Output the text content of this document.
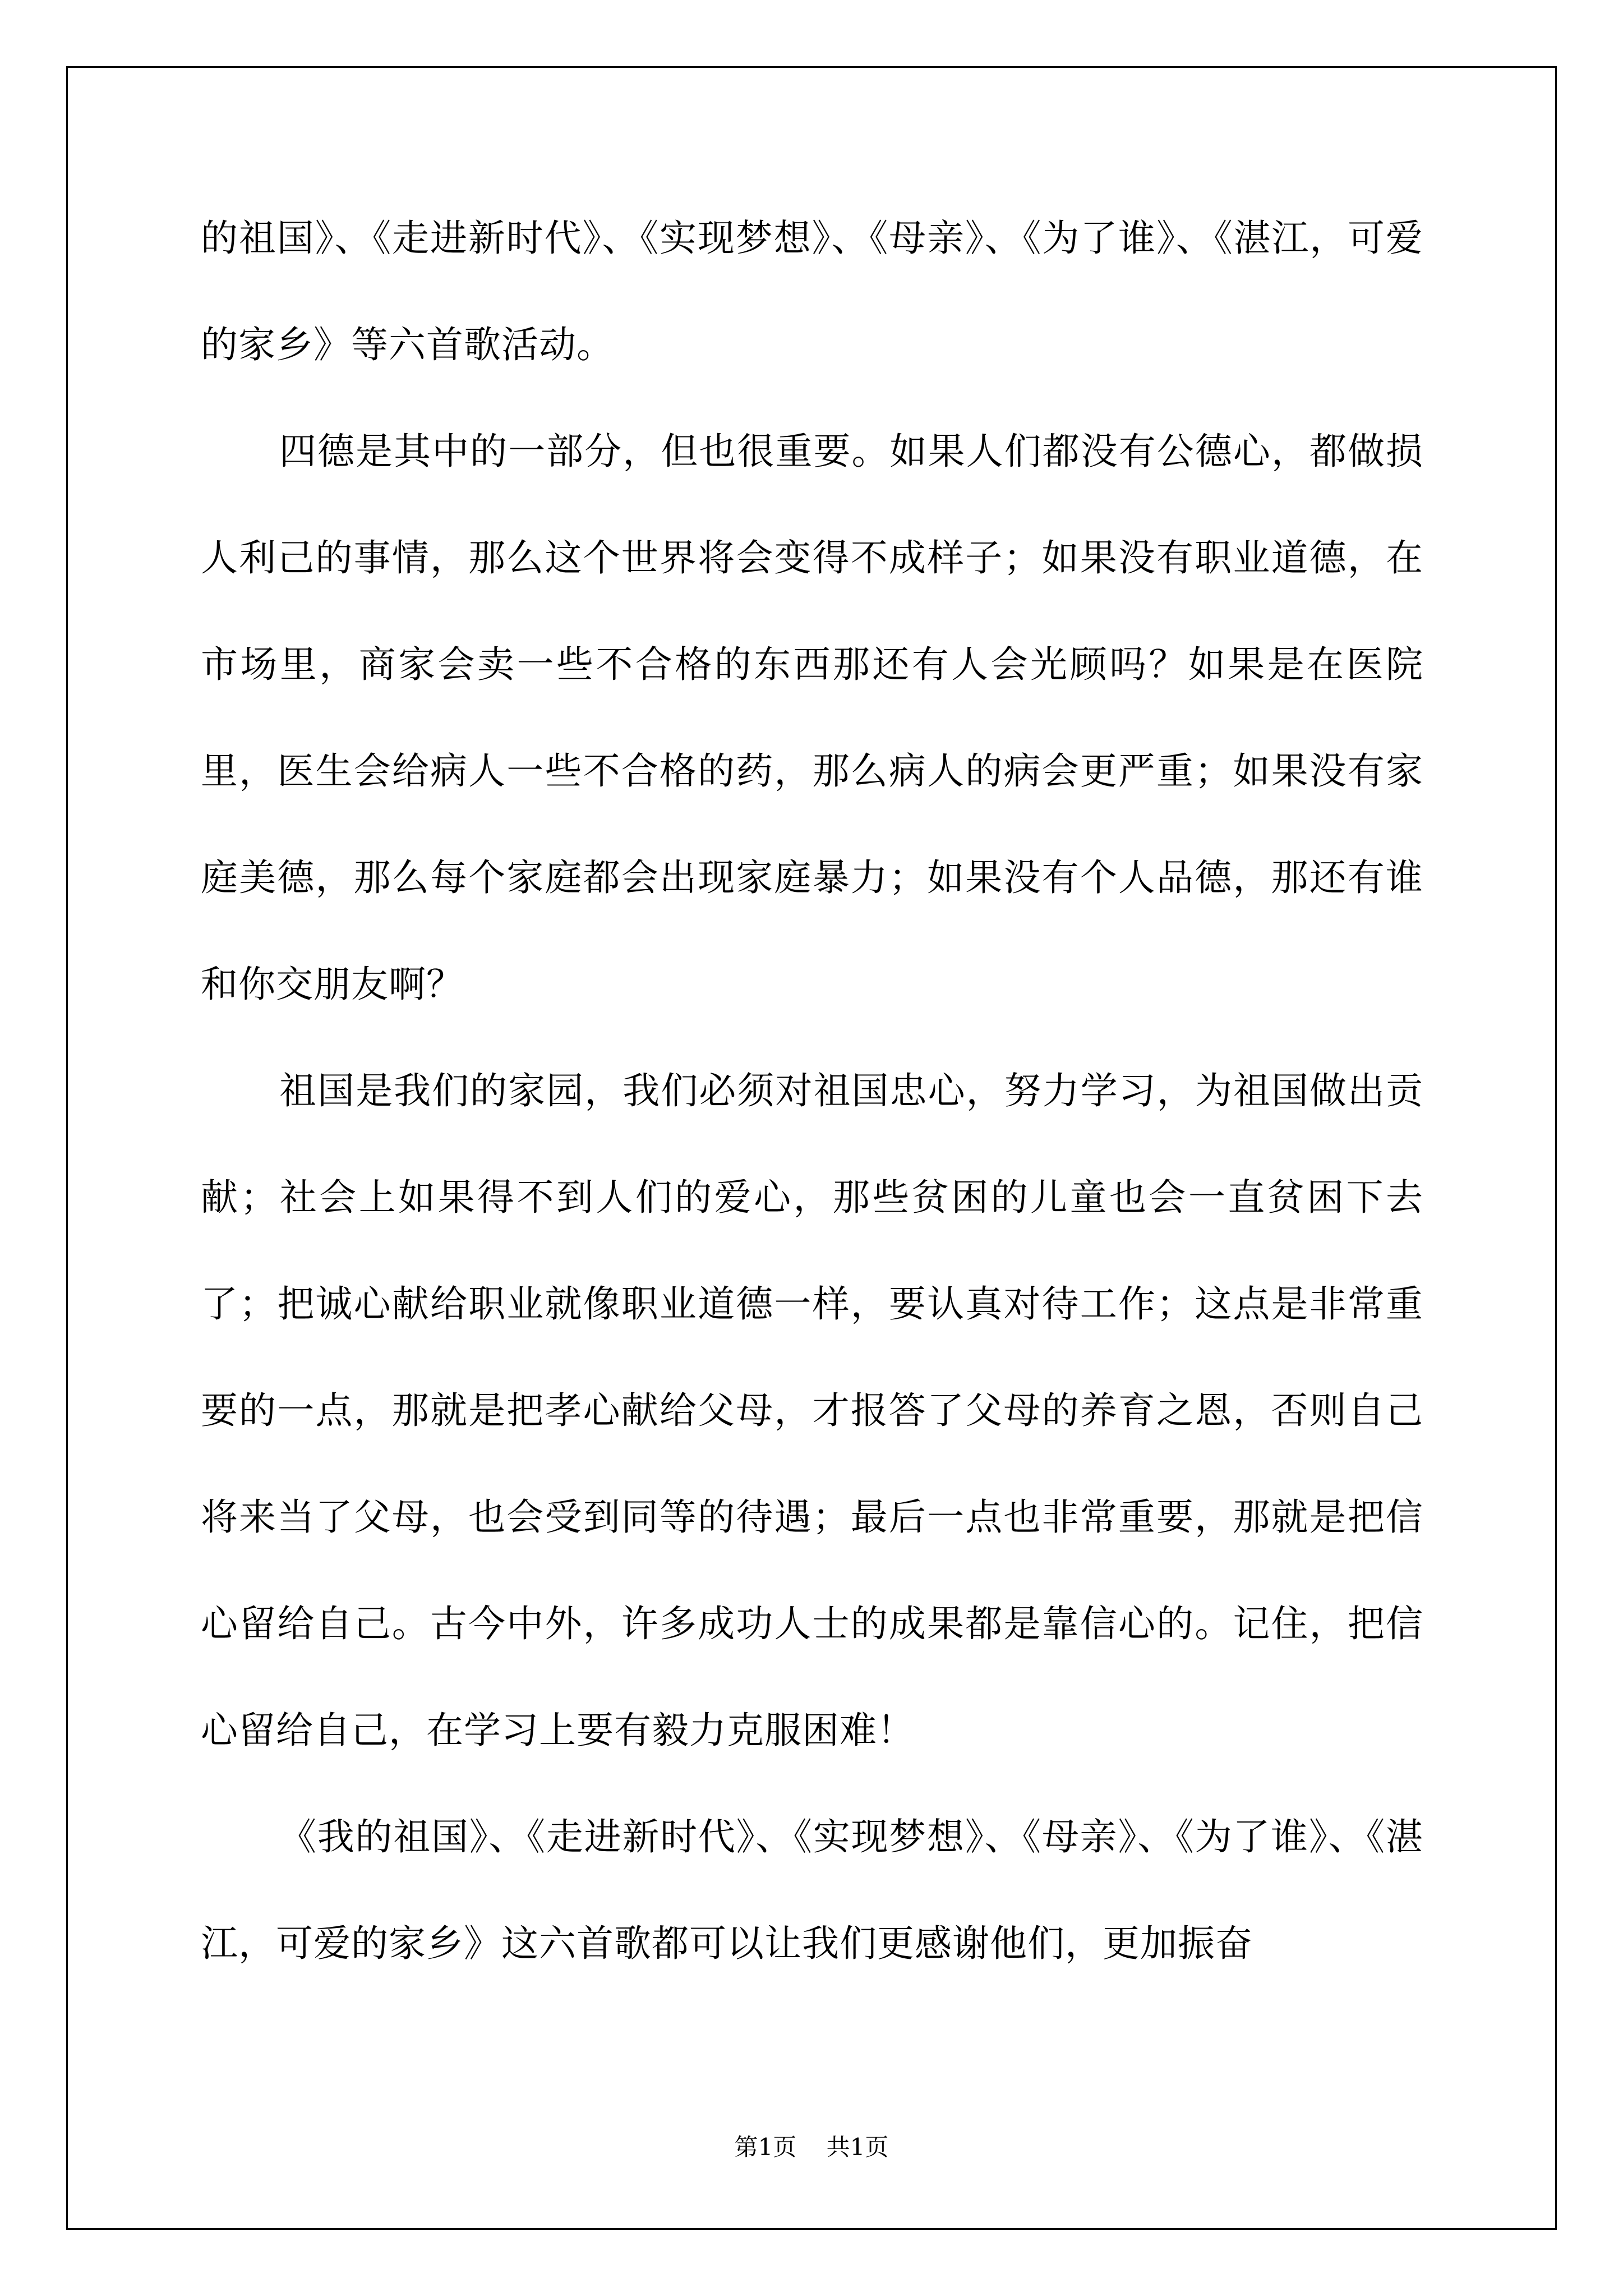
的祖国》、《走进新时代》、《实现梦想》、《母亲》、《为了谁》、《湛江，可爱的家乡》等六首歌活动。

四德是其中的一部分，但也很重要。如果人们都没有公德心，都做损人利己的事情，那么这个世界将会变得不成样子；如果没有职业道德，在市场里，商家会卖一些不合格的东西那还有人会光顾吗？如果是在医院里，医生会给病人一些不合格的药，那么病人的病会更严重；如果没有家庭美德，那么每个家庭都会出现家庭暴力；如果没有个人品德，那还有谁和你交朋友啊？

祖国是我们的家园，我们必须对祖国忠心，努力学习，为祖国做出贡献；社会上如果得不到人们的爱心，那些贫困的儿童也会一直贫困下去了；把诚心献给职业就像职业道德一样，要认真对待工作；这点是非常重要的一点，那就是把孝心献给父母，才报答了父母的养育之恩，否则自己将来当了父母，也会受到同等的待遇；最后一点也非常重要，那就是把信心留给自己。古今中外，许多成功人士的成果都是靠信心的。记住，把信心留给自己，在学习上要有毅力克服困难！

《我的祖国》、《走进新时代》、《实现梦想》、《母亲》、《为了谁》、《湛江，可爱的家乡》这六首歌都可以让我们更感谢他们，更加振奋

第1页    共1页
